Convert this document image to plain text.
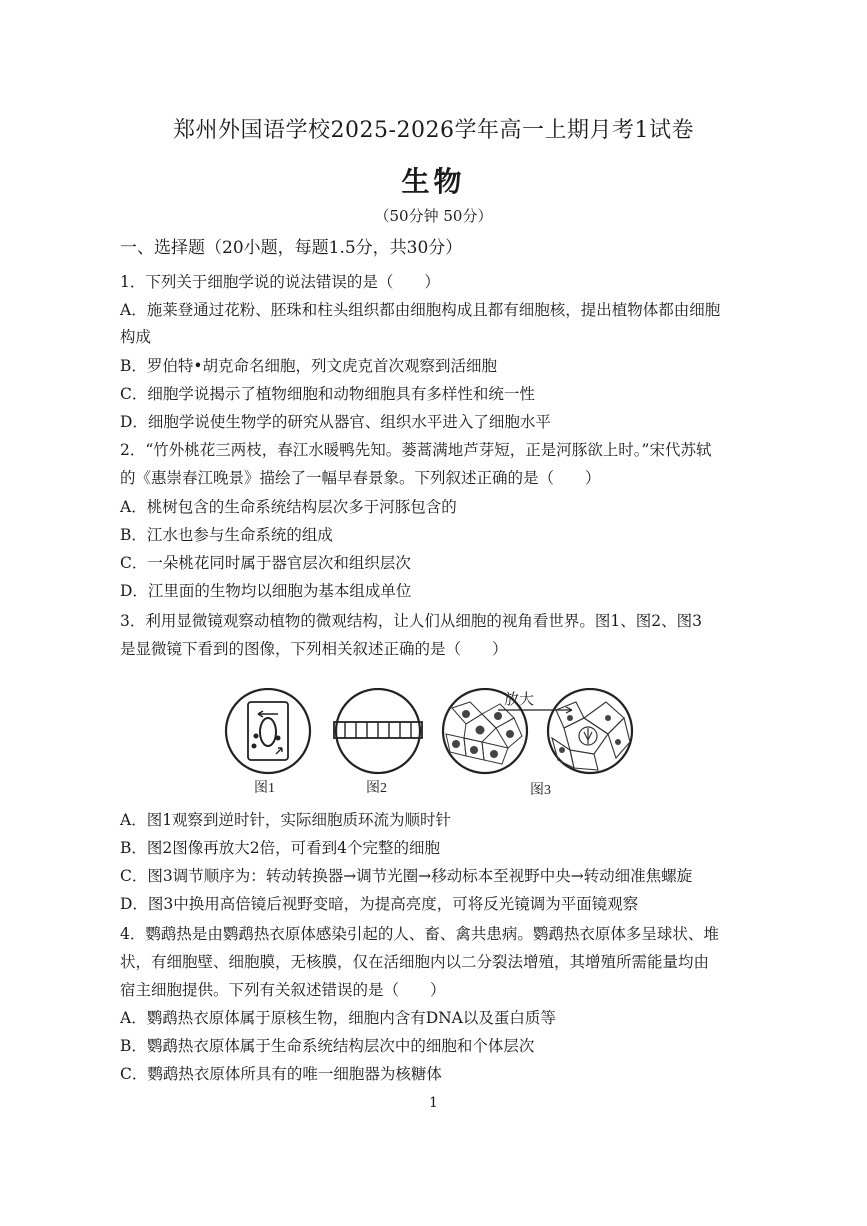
郑州外国语学校2025-2026学年高一上期月考1试卷
生物
（50分钟 50分）
一、选择题（20小题，每题1.5分，共30分）
1．下列关于细胞学说的说法错误的是（　　）
A．施莱登通过花粉、胚珠和柱头组织都由细胞构成且都有细胞核，提出植物体都由细胞
构成
B．罗伯特•胡克命名细胞，列文虎克首次观察到活细胞
C．细胞学说揭示了植物细胞和动物细胞具有多样性和统一性
D．细胞学说使生物学的研究从器官、组织水平进入了细胞水平
2．“竹外桃花三两枝，春江水暖鸭先知。蒌蒿满地芦芽短，正是河豚欲上时。”宋代苏轼
的《惠崇春江晚景》描绘了一幅早春景象。下列叙述正确的是（　　）
A．桃树包含的生命系统结构层次多于河豚包含的
B．江水也参与生命系统的组成
C．一朵桃花同时属于器官层次和组织层次
D．江里面的生物均以细胞为基本组成单位
3．利用显微镜观察动植物的微观结构，让人们从细胞的视角看世界。图1、图2、图3
是显微镜下看到的图像，下列相关叙述正确的是（　　）
图1	图2
放大
图3
A．图1观察到逆时针，实际细胞质环流为顺时针
B．图2图像再放大2倍，可看到4个完整的细胞
C．图3调节顺序为：转动转换器→调节光圈→移动标本至视野中央→转动细准焦螺旋
D．图3中换用高倍镜后视野变暗，为提高亮度，可将反光镜调为平面镜观察
4．鹦鹉热是由鹦鹉热衣原体感染引起的人、畜、禽共患病。鹦鹉热衣原体多呈球状、堆
状，有细胞壁、细胞膜，无核膜，仅在活细胞内以二分裂法增殖，其增殖所需能量均由
宿主细胞提供。下列有关叙述错误的是（　　）
A．鹦鹉热衣原体属于原核生物，细胞内含有DNA以及蛋白质等
B．鹦鹉热衣原体属于生命系统结构层次中的细胞和个体层次
C．鹦鹉热衣原体所具有的唯一细胞器为核糖体
1
